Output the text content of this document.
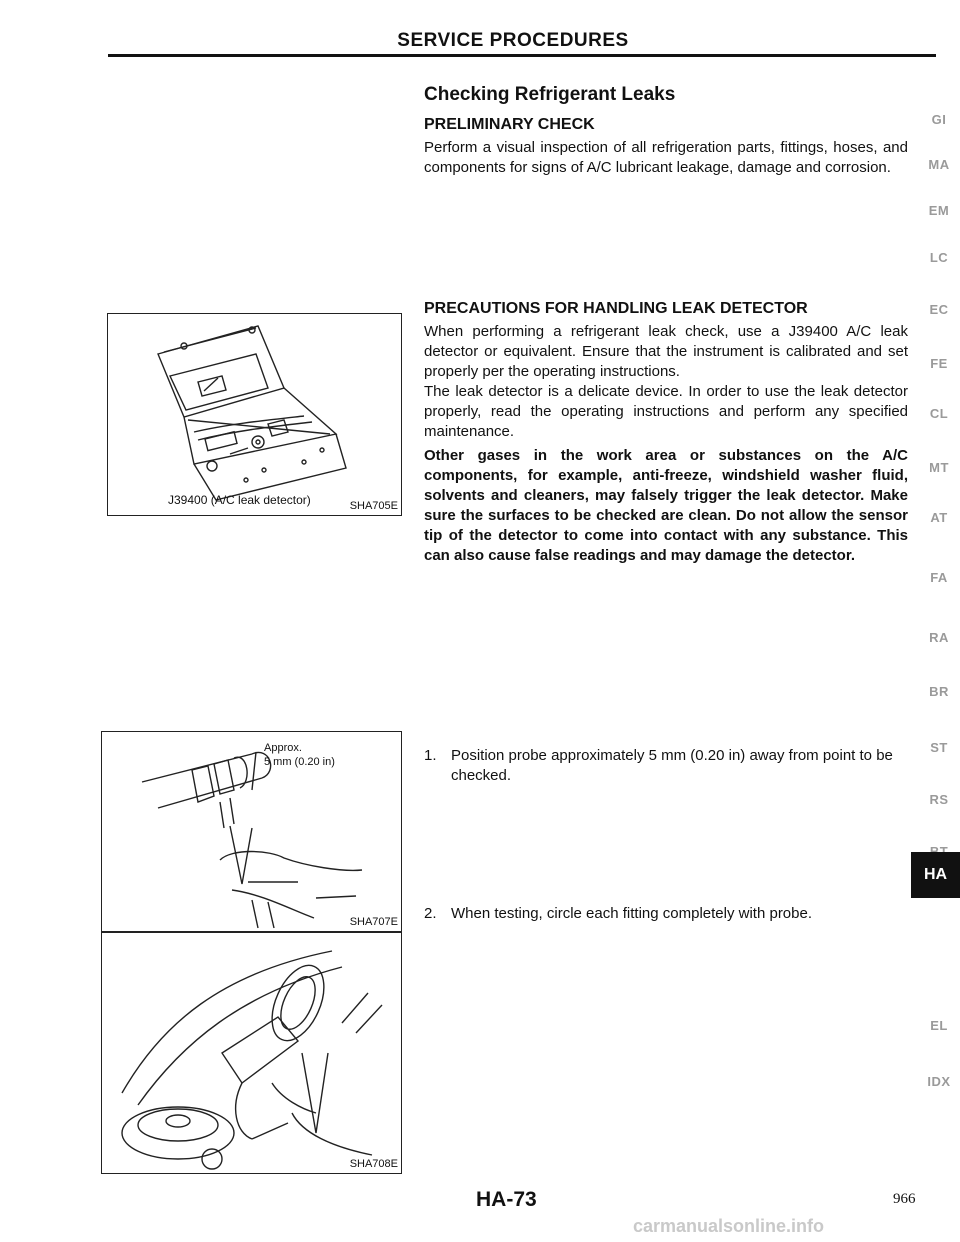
SERVICE PROCEDURES
Checking Refrigerant Leaks

PRELIMINARY CHECK

Perform a visual inspection of all refrigeration parts, fittings, hoses, and components for signs of A/C lubricant leakage, damage and corrosion.

PRECAUTIONS FOR HANDLING LEAK DETECTOR

When performing a refrigerant leak check, use a J39400 A/C leak detector or equivalent. Ensure that the instrument is calibrated and set properly per the operating instructions.

The leak detector is a delicate device. In order to use the leak detector properly, read the operating instructions and perform any specified maintenance.

Other gases in the work area or substances on the A/C components, for example, anti-freeze, windshield washer fluid, solvents and cleaners, may falsely trigger the leak detector. Make sure the surfaces to be checked are clean. Do not allow the sensor tip of the detector to come into contact with any substance. This can also cause false readings and may damage the detector.

1. Position probe approximately 5 mm (0.20 in) away from point to be checked.
2. When testing, circle each fitting completely with probe.
J39400 (A/C leak detector)	SHA705E
Approx.
5 mm (0.20 in)
SHA707E
SHA708E
GI
MA
EM
LC
EC
FE
CL
MT
AT
FA
RA
BR
ST
RS
EL
IDX
HA
HA-73	966
carmanualsonline.info
